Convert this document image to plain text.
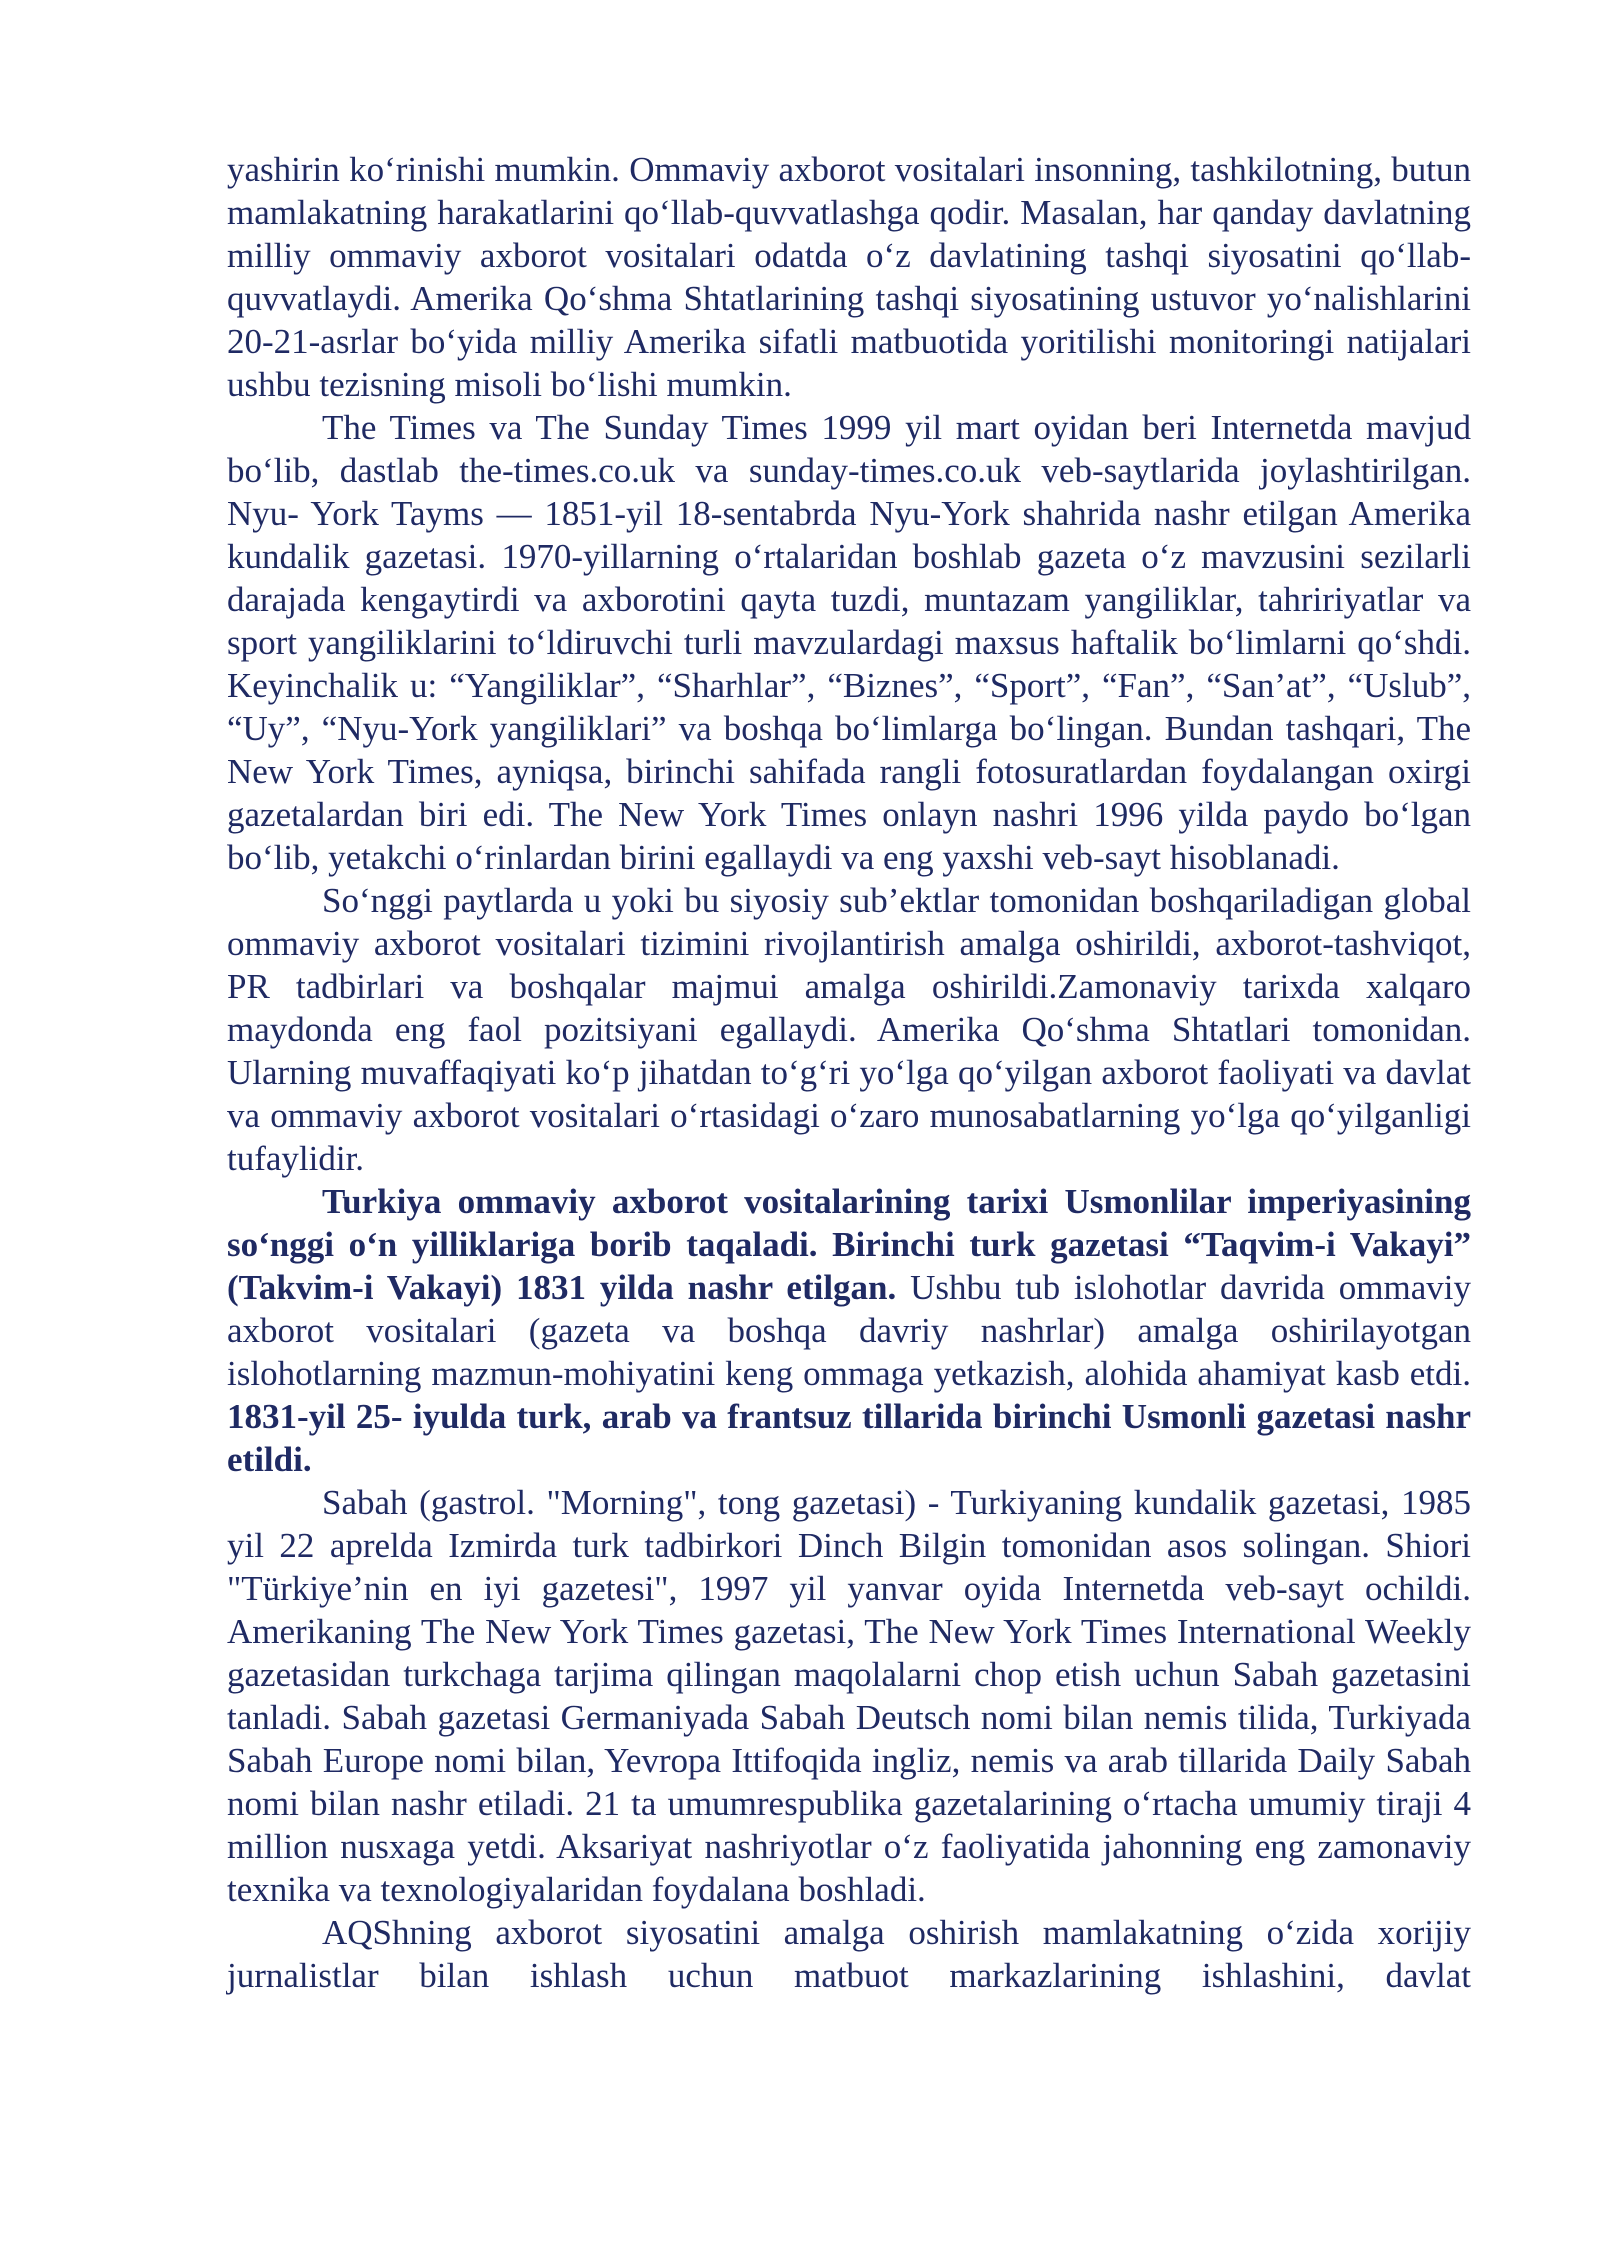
yashirin koʻrinishi mumkin. Ommaviy axborot vositalari insonning, tashkilotning, butun mamlakatning harakatlarini qoʻllab-quvvatlashga qodir. Masalan, har qanday davlatning milliy ommaviy axborot vositalari odatda oʻz davlatining tashqi siyosatini qoʻllab- quvvatlaydi. Amerika Qoʻshma Shtatlarining tashqi siyosatining ustuvor yoʻnalishlarini 20-21-asrlar boʻyida milliy Amerika sifatli matbuotida yoritilishi monitoringi natijalari ushbu tezisning misoli boʻlishi mumkin.

The Times va The Sunday Times 1999 yil mart oyidan beri Internetda mavjud boʻlib, dastlab the-times.co.uk va sunday-times.co.uk veb-saytlarida joylashtirilgan. Nyu- York Tayms — 1851-yil 18-sentabrda Nyu-York shahrida nashr etilgan Amerika kundalik gazetasi. 1970-yillarning oʻrtalaridan boshlab gazeta oʻz mavzusini sezilarli darajada kengaytirdi va axborotini qayta tuzdi, muntazam yangiliklar, tahririyatlar va sport yangiliklarini toʻldiruvchi turli mavzulardagi maxsus haftalik boʻlimlarni qoʻshdi. Keyinchalik u: “Yangiliklar”, “Sharhlar”, “Biznes”, “Sport”, “Fan”, “San’at”, “Uslub”, “Uy”, “Nyu-York yangiliklari” va boshqa boʻlimlarga boʻlingan. Bundan tashqari, The New York Times, ayniqsa, birinchi sahifada rangli fotosuratlardan foydalangan oxirgi gazetalardan biri edi. The New York Times onlayn nashri 1996 yilda paydo boʻlgan boʻlib, yetakchi oʻrinlardan birini egallaydi va eng yaxshi veb-sayt hisoblanadi.

Soʻnggi paytlarda u yoki bu siyosiy sub’ektlar tomonidan boshqariladigan global ommaviy axborot vositalari tizimini rivojlantirish amalga oshirildi, axborot-tashviqot, PR tadbirlari va boshqalar majmui amalga oshirildi.Zamonaviy tarixda xalqaro maydonda eng faol pozitsiyani egallaydi. Amerika Qoʻshma Shtatlari tomonidan. Ularning muvaffaqiyati koʻp jihatdan toʻgʻri yoʻlga qoʻyilgan axborot faoliyati va davlat va ommaviy axborot vositalari oʻrtasidagi oʻzaro munosabatlarning yoʻlga qoʻyilganligi tufaylidir.

Turkiya ommaviy axborot vositalarining tarixi Usmonlilar imperiyasining soʻnggi oʻn yilliklariga borib taqaladi. Birinchi turk gazetasi “Taqvim-i Vakayi” (Takvim-i Vakayi) 1831 yilda nashr etilgan. Ushbu tub islohotlar davrida ommaviy axborot vositalari (gazeta va boshqa davriy nashrlar) amalga oshirilayotgan islohotlarning mazmun-mohiyatini keng ommaga yetkazish, alohida ahamiyat kasb etdi. 1831-yil 25- iyulda turk, arab va frantsuz tillarida birinchi Usmonli gazetasi nashr etildi.

Sabah (gastrol. "Morning", tong gazetasi) - Turkiyaning kundalik gazetasi, 1985 yil 22 aprelda Izmirda turk tadbirkori Dinch Bilgin tomonidan asos solingan. Shiori "Türkiye’nin en iyi gazetesi", 1997 yil yanvar oyida Internetda veb-sayt ochildi. Amerikaning The New York Times gazetasi, The New York Times International Weekly gazetasidan turkchaga tarjima qilingan maqolalarni chop etish uchun Sabah gazetasini tanladi. Sabah gazetasi Germaniyada Sabah Deutsch nomi bilan nemis tilida, Turkiyada Sabah Europe nomi bilan, Yevropa Ittifoqida ingliz, nemis va arab tillarida Daily Sabah nomi bilan nashr etiladi. 21 ta umumrespublika gazetalarining oʻrtacha umumiy tiraji 4 million nusxaga yetdi. Aksariyat nashriyotlar oʻz faoliyatida jahonning eng zamonaviy texnika va texnologiyalaridan foydalana boshladi.

AQShning axborot siyosatini amalga oshirish mamlakatning oʻzida xorijiy jurnalistlar bilan ishlash uchun matbuot markazlarining ishlashini, davlat
